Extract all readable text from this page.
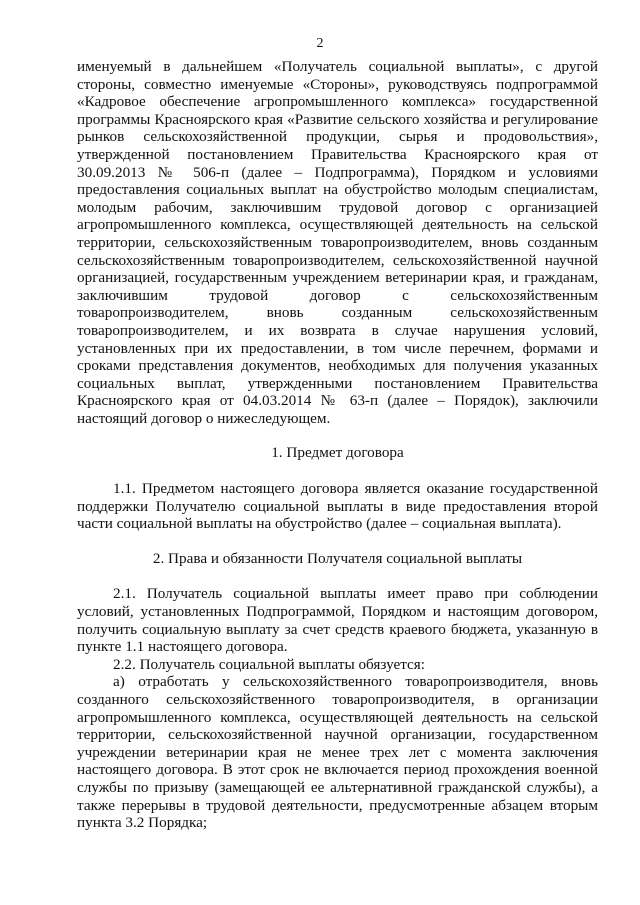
2

именуемый в дальнейшем «Получатель социальной выплаты», с другой стороны, совместно именуемые «Стороны», руководствуясь подпрограммой «Кадровое обеспечение агропромышленного комплекса» государственной программы Красноярского края «Развитие сельского хозяйства и регулирование рынков сельскохозяйственной продукции, сырья и продовольствия», утвержденной постановлением Правительства Красноярского края от 30.09.2013 № 506-п (далее – Подпрограмма), Порядком и условиями предоставления социальных выплат на обустройство молодым специалистам, молодым рабочим, заключившим трудовой договор с организацией агропромышленного комплекса, осуществляющей деятельность на сельской территории, сельскохозяйственным товаропроизводителем, вновь созданным сельскохозяйственным товаропроизводителем, сельскохозяйственной научной организацией, государственным учреждением ветеринарии края, и гражданам, заключившим трудовой договор с сельскохозяйственным товаропроизводителем, вновь созданным сельскохозяйственным товаропроизводителем, и их возврата в случае нарушения условий, установленных при их предоставлении, в том числе перечнем, формами и сроками представления документов, необходимых для получения указанных социальных выплат, утвержденными постановлением Правительства Красноярского края от 04.03.2014 № 63-п (далее – Порядок), заключили настоящий договор о нижеследующем.

1. Предмет договора

1.1. Предметом настоящего договора является оказание государственной поддержки Получателю социальной выплаты в виде предоставления второй части социальной выплаты на обустройство (далее – социальная выплата).

2. Права и обязанности Получателя социальной выплаты

2.1. Получатель социальной выплаты имеет право при соблюдении условий, установленных Подпрограммой, Порядком и настоящим договором, получить социальную выплату за счет средств краевого бюджета, указанную в пункте 1.1 настоящего договора.

2.2. Получатель социальной выплаты обязуется:

а) отработать у сельскохозяйственного товаропроизводителя, вновь созданного сельскохозяйственного товаропроизводителя, в организации агропромышленного комплекса, осуществляющей деятельность на сельской территории, сельскохозяйственной научной организации, государственном учреждении ветеринарии края не менее трех лет с момента заключения настоящего договора. В этот срок не включается период прохождения военной службы по призыву (замещающей ее альтернативной гражданской службы), а также перерывы в трудовой деятельности, предусмотренные абзацем вторым пункта 3.2 Порядка;
